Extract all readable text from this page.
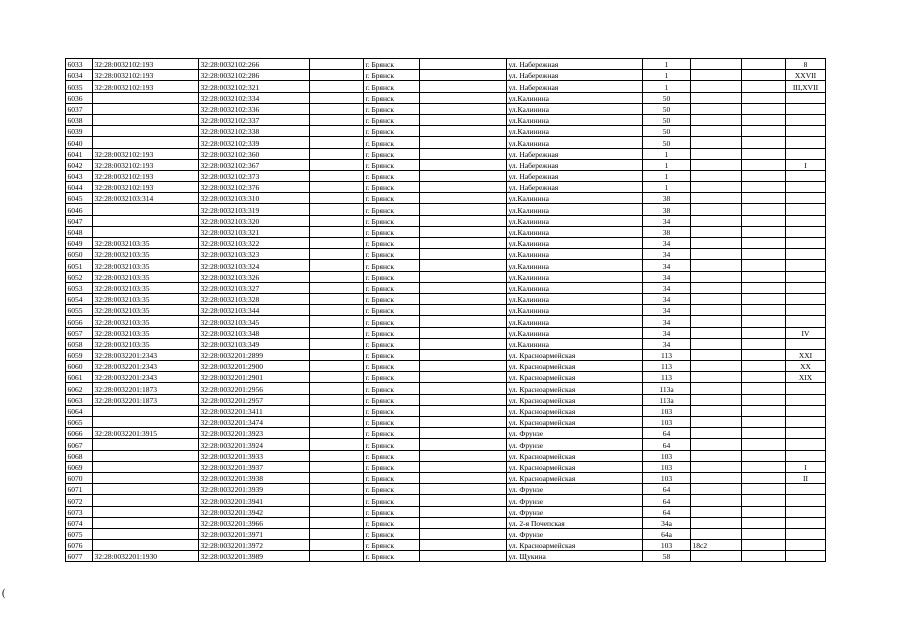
6033	32:28:0032102:193	32:28:0032102:266		г. Брянск		ул. Набережная	1			8
6034	32:28:0032102:193	32:28:0032102:286		г. Брянск		ул. Набережная	1			XXVII
6035	32:28:0032102:193	32:28:0032102:321		г. Брянск		ул. Набережная	1			III,XVII
6036		32:28:0032102:334		г. Брянск		ул.Калинина	50			
6037		32:28:0032102:336		г. Брянск		ул.Калинина	50			
6038		32:28:0032102:337		г. Брянск		ул.Калинина	50			
6039		32:28:0032102:338		г. Брянск		ул.Калинина	50			
6040		32:28:0032102:339		г. Брянск		ул.Калинина	50			
6041	32:28:0032102:193	32:28:0032102:360		г. Брянск		ул. Набережная	1			
6042	32:28:0032102:193	32:28:0032102:367		г. Брянск		ул. Набережная	1			I
6043	32:28:0032102:193	32:28:0032102:373		г. Брянск		ул. Набережная	1			
6044	32:28:0032102:193	32:28:0032102:376		г. Брянск		ул. Набережная	1			
6045	32:28:0032103:314	32:28:0032103:310		г. Брянск		ул.Калинина	38			
6046		32:28:0032103:319		г. Брянск		ул.Калинина	38			
6047		32:28:0032103:320		г. Брянск		ул.Калинина	34			
6048		32:28:0032103:321		г. Брянск		ул.Калинина	38			
6049	32:28:0032103:35	32:28:0032103:322		г. Брянск		ул.Калинина	34			
6050	32:28:0032103:35	32:28:0032103:323		г. Брянск		ул.Калинина	34			
6051	32:28:0032103:35	32:28:0032103:324		г. Брянск		ул.Калинина	34			
6052	32:28:0032103:35	32:28:0032103:326		г. Брянск		ул.Калинина	34			
6053	32:28:0032103:35	32:28:0032103:327		г. Брянск		ул.Калинина	34			
6054	32:28:0032103:35	32:28:0032103:328		г. Брянск		ул.Калинина	34			
6055	32:28:0032103:35	32:28:0032103:344		г. Брянск		ул.Калинина	34			
6056	32:28:0032103:35	32:28:0032103:345		г. Брянск		ул.Калинина	34			
6057	32:28:0032103:35	32:28:0032103:348		г. Брянск		ул.Калинина	34			IV
6058	32:28:0032103:35	32:28:0032103:349		г. Брянск		ул.Калинина	34			
6059	32:28:0032201:2343	32:28:0032201:2899		г. Брянск		ул. Красноармейская	113			XXI
6060	32:28:0032201:2343	32:28:0032201:2900		г. Брянск		ул. Красноармейская	113			XX
6061	32:28:0032201:2343	32:28:0032201:2901		г. Брянск		ул. Красноармейская	113			XIX
6062	32:28:0032201:1873	32:28:0032201:2956		г. Брянск		ул. Красноармейская	113а			
6063	32:28:0032201:1873	32:28:0032201:2957		г. Брянск		ул. Красноармейская	113а			
6064		32:28:0032201:3411		г. Брянск		ул. Красноармейская	103			
6065		32:28:0032201:3474		г. Брянск		ул. Красноармейская	103			
6066	32:28:0032201:3915	32:28:0032201:3923		г. Брянск		ул. Фрунзе	64			
6067		32:28:0032201:3924		г. Брянск		ул. Фрунзе	64			
6068		32:28:0032201:3933		г. Брянск		ул. Красноармейская	103			
6069		32:28:0032201:3937		г. Брянск		ул. Красноармейская	103			I
6070		32:28:0032201:3938		г. Брянск		ул. Красноармейская	103			II
6071		32:28:0032201:3939		г. Брянск		ул. Фрунзе	64			
6072		32:28:0032201:3941		г. Брянск		ул. Фрунзе	64			
6073		32:28:0032201:3942		г. Брянск		ул. Фрунзе	64			
6074		32:28:0032201:3966		г. Брянск		ул. 2-я Почепская	34а			
6075		32:28:0032201:3971		г. Брянск		ул. Фрунзе	64а			
6076		32:28:0032201:3972		г. Брянск		ул. Красноармейская	103	18с2		
6077	32:28:0032201:1930	32:28:0032201:3989		г. Брянск		ул. Щукина	58			
(
